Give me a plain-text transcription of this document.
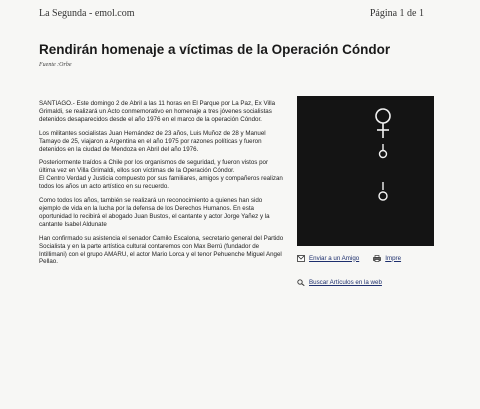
La Segunda - emol.com	Página 1 de 1
Rendirán homenaje a víctimas de la Operación Cóndor
Fuente :Orbe

SANTIAGO.- Este domingo 2 de Abril a las 11 horas en El Parque por La Paz, Ex Villa Grimaldi, se realizará un Acto conmemorativo en homenaje a tres jóvenes socialistas detenidos desaparecidos desde el año 1976 en el marco de la operación Cóndor.

Los militantes socialistas Juan Hernández de 23 años, Luis Muñoz de 28 y Manuel Tamayo de 25, viajaron a Argentina en el año 1975 por razones políticas y fueron detenidos en la ciudad de Mendoza en Abril del año 1976.

Posteriormente traídos a Chile por los organismos de seguridad, y fueron vistos por última vez en Villa Grimaldi, ellos son víctimas de la Operación Cóndor.
El Centro Verdad y Justicia compuesto por sus familiares, amigos y compañeros realizan todos los años un acto artístico en su recuerdo.

Como todos los años, también se realizará un reconocimiento a quienes han sido ejemplo de vida en la lucha por la defensa de los Derechos Humanos. En esta oportunidad lo recibirá el abogado Juan Bustos, el cantante y actor Jorge Yañez y la cantante Isabel Aldunate

Han confirmado su asistencia el senador Camilo Escalona, secretario general del Partido Socialista y en la parte artística cultural contaremos con Max Berrú (fundador de Intillimani) con el grupo AMARU, el actor Mario Lorca y el tenor Pehuenche Miguel Angel Pellao.

Enviar a un Amigo	Impre
Buscar Artículos en la web
